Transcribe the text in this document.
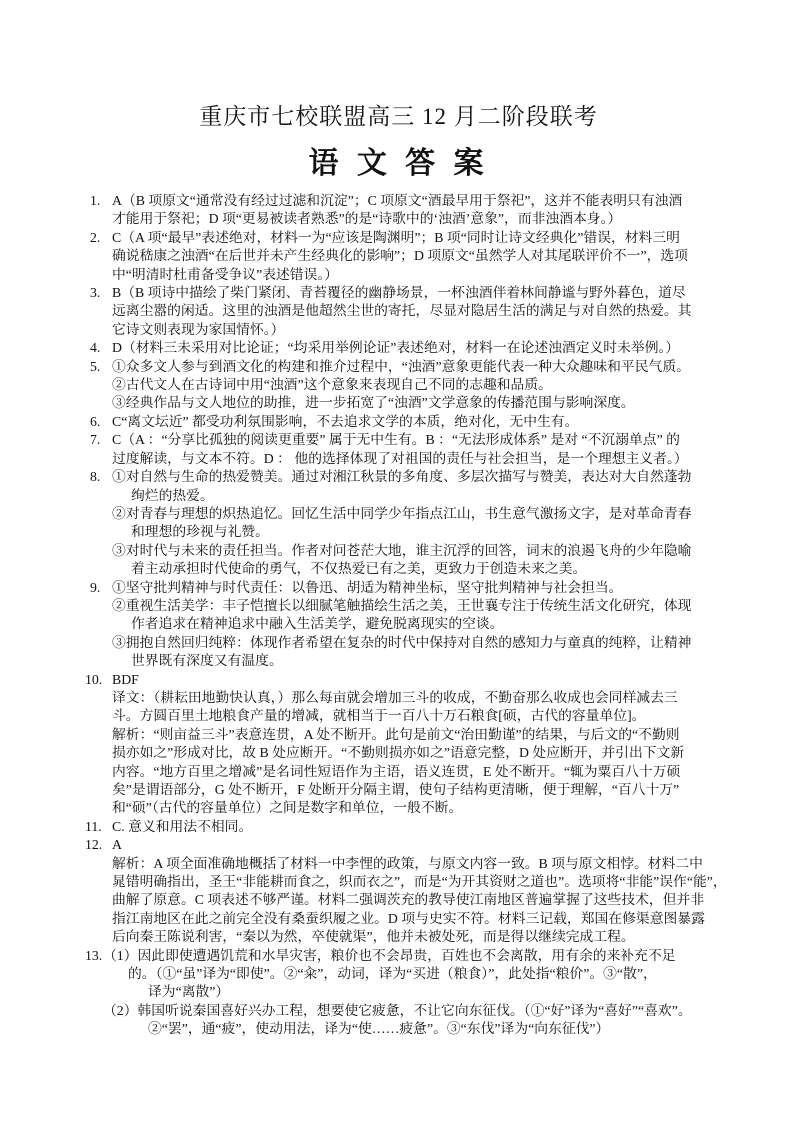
重庆市七校联盟高三 12 月二阶段联考
语 文 答 案
1. A（B 项原文“通常没有经过过滤和沉淀”；C 项原文“酒最早用于祭祀”，这并不能表明只有浊酒
才能用于祭祀；D 项“更易被读者熟悉”的是“诗歌中的‘浊酒’意象”，而非浊酒本身。）
2. C（A 项“最早”表述绝对，材料一为“应该是陶渊明”；B 项“同时让诗文经典化”错误，材料三明
确说嵇康之浊酒“在后世并未产生经典化的影响”；D 项原文“虽然学人对其尾联评价不一”，选项
中“明清时杜甫备受争议”表述错误。）
3. B（B 项诗中描绘了柴门紧闭、青苔覆径的幽静场景，一杯浊酒伴着林间静谧与野外暮色，道尽
远离尘嚣的闲适。这里的浊酒是他超然尘世的寄托，尽显对隐居生活的满足与对自然的热爱。其
它诗文则表现为家国情怀。）
4. D（材料三未采用对比论证；“均采用举例论证”表述绝对，材料一在论述浊酒定义时未举例。）
5. ①众多文人参与到酒文化的构建和推介过程中，“浊酒”意象更能代表一种大众趣味和平民气质。
②古代文人在古诗词中用“浊酒”这个意象来表现自己不同的志趣和品质。
③经典作品与文人地位的助推，进一步拓宽了“浊酒”文学意象的传播范围与影响深度。
6. C“离文坛近” 都受功利氛围影响，不去追求文学的本质，绝对化，无中生有。
7. C（A ：“分享比孤独的阅读更重要” 属于无中生有。B ：“无法形成体系” 是对 “不沉溺单点” 的
过度解读，与文本不符。D ： 他的选择体现了对祖国的责任与社会担当，是一个理想主义者。）
8. ①对自然与生命的热爱赞美。通过对湘江秋景的多角度、多层次描写与赞美，表达对大自然蓬勃
绚烂的热爱。
②对青春与理想的炽热追忆。回忆生活中同学少年指点江山，书生意气激扬文字，是对革命青春
和理想的珍视与礼赞。
③对时代与未来的责任担当。作者对问苍茫大地，谁主沉浮的回答，词末的浪遏飞舟的少年隐喻
着主动承担时代使命的勇气，不仅热爱已有之美，更致力于创造未来之美。
9. ①坚守批判精神与时代责任：以鲁迅、胡适为精神坐标，坚守批判精神与社会担当。
②重视生活美学：丰子恺擅长以细腻笔触描绘生活之美，王世襄专注于传统生活文化研究，体现
作者追求在精神追求中融入生活美学，避免脱离现实的空谈。
③拥抱自然回归纯粹：体现作者希望在复杂的时代中保持对自然的感知力与童真的纯粹，让精神
世界既有深度又有温度。
10. BDF
译文：（耕耘田地勤快认真，）那么每亩就会增加三斗的收成，不勤奋那么收成也会同样减去三
斗。方圆百里土地粮食产量的增减，就相当于一百八十万石粮食[硕，古代的容量单位]。
解析：“则亩益三斗”表意连贯，A 处不断开。此句是前文“治田勤谨”的结果，与后文的“不勤则
损亦如之”形成对比，故 B 处应断开。“不勤则损亦如之”语意完整，D 处应断开，并引出下文新
内容。“地方百里之增减”是名词性短语作为主语，语义连贯，E 处不断开。“辄为粟百八十万硕
矣”是谓语部分，G 处不断开，F 处断开分隔主谓，使句子结构更清晰，便于理解，“百八十万”
和“硕”（古代的容量单位）之间是数字和单位，一般不断。
11. C. 意义和用法不相同。
12. A
解析：A 项全面准确地概括了材料一中李悝的政策，与原文内容一致。B 项与原文相悖。材料二中
晁错明确指出，圣王“非能耕而食之，织而衣之”，而是“为开其资财之道也”。选项将“非能”误作“能”，
曲解了原意。C 项表述不够严谨。材料二强调茨充的教导使江南地区普遍掌握了这些技术，但并非
指江南地区在此之前完全没有桑蚕织履之业。D 项与史实不符。材料三记载，郑国在修渠意图暴露
后向秦王陈说利害，“秦以为然，卒使就渠”，他并未被处死，而是得以继续完成工程。
13. （1）因此即使遭遇饥荒和水旱灾害，粮价也不会昂贵，百姓也不会离散，用有余的来补充不足
的。（①“虽”译为“即使”。②“籴”，动词，译为“买进（粮食）”，此处指“粮价”。③“散”，
译为“离散”）
（2）韩国听说秦国喜好兴办工程，想要使它疲惫，不让它向东征伐。（①“好”译为“喜好”“喜欢”。
②“罢”，通“疲”，使动用法，译为“使……疲惫”。③“东伐”译为“向东征伐”）
